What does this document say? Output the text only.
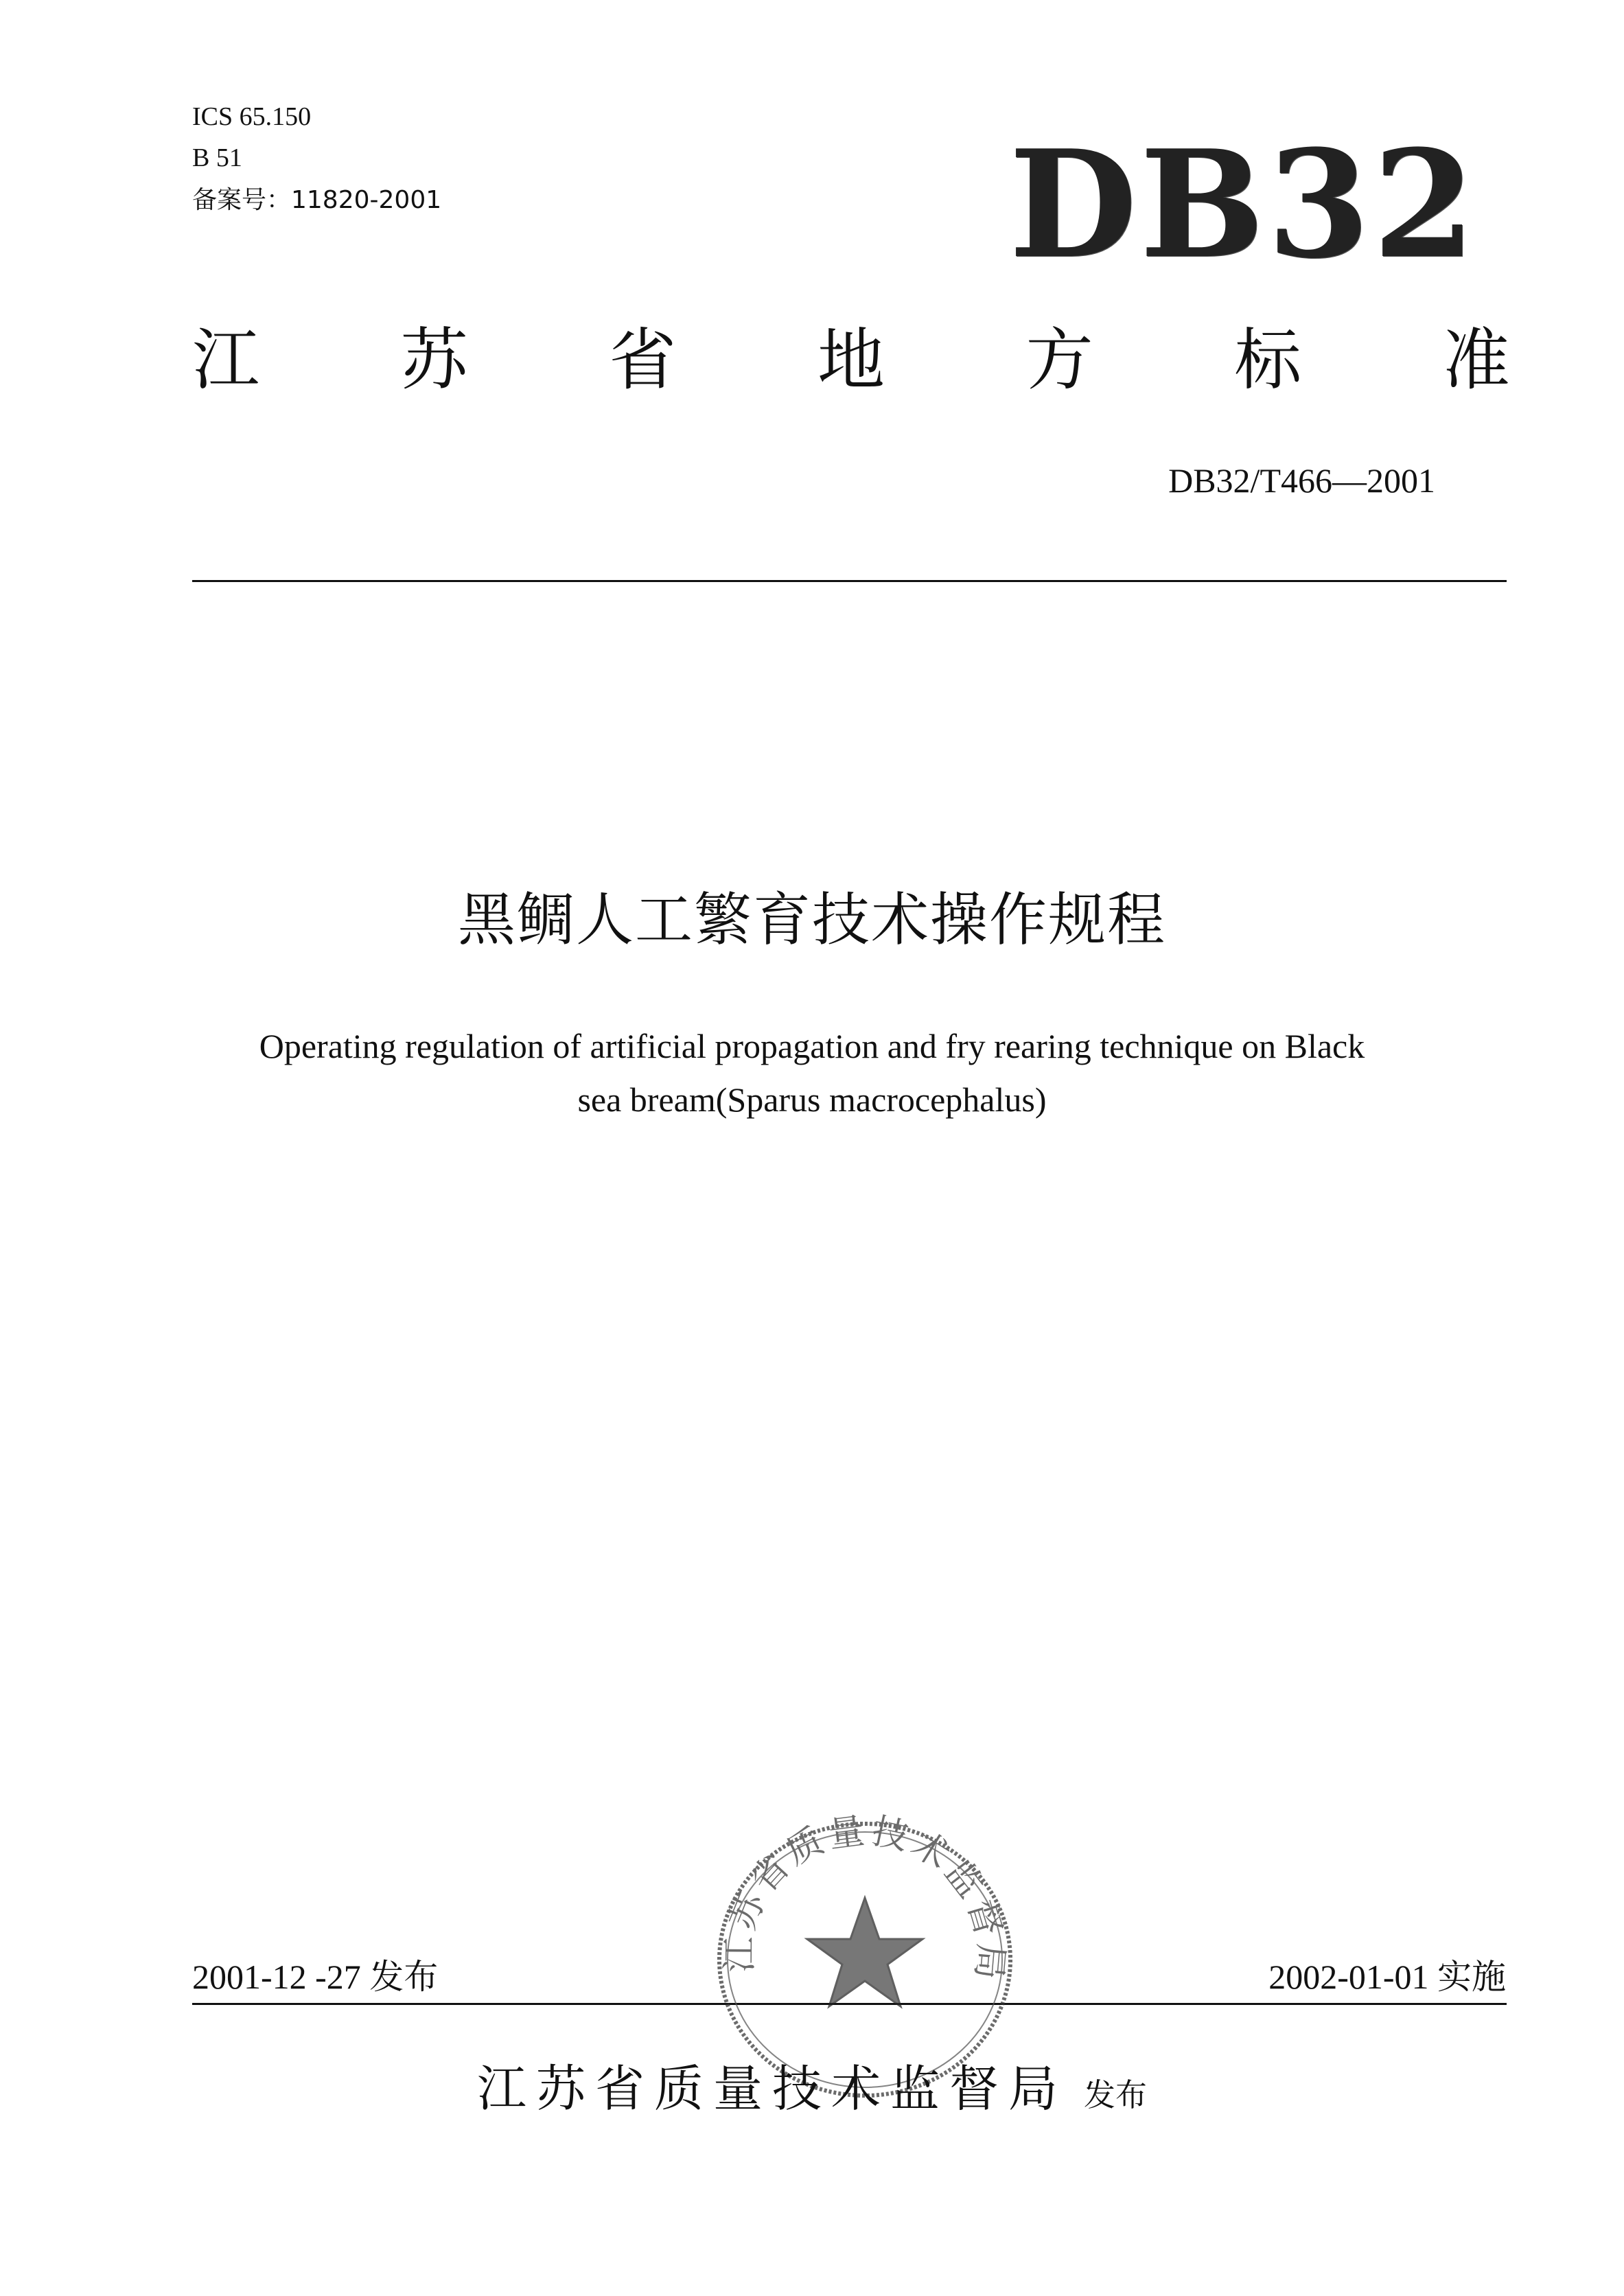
ICS 65.150
B 51
备案号：11820-2001	DB32
江 苏 省 地 方 标 准
DB32/T466—2001
黑鲷人工繁育技术操作规程
Operating regulation of artificial propagation and fry rearing technique on Black
sea bream(Sparus macrocephalus)
2001-12 -27 发布	2002-01-01 实施
江苏省质量技术监督局
江苏省质量技术监督局 发布
